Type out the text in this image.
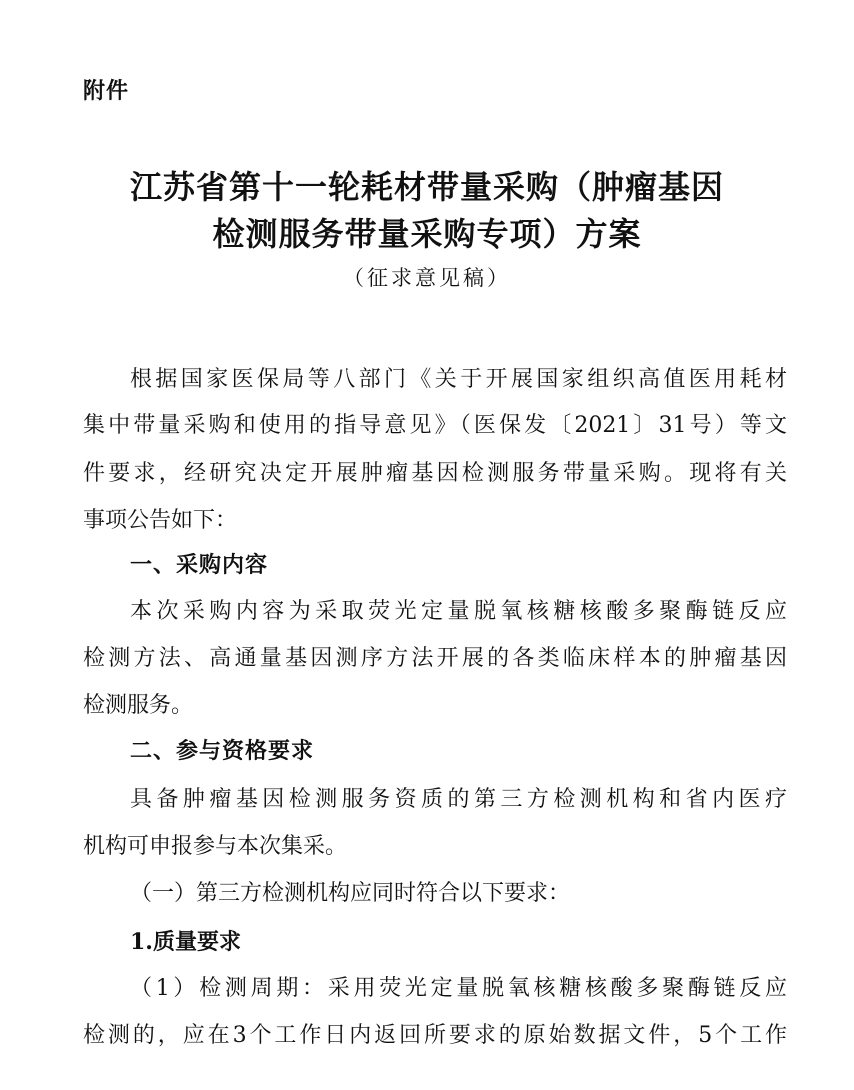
附件
江苏省第十一轮耗材带量采购（肿瘤基因
检测服务带量采购专项）方案
（征求意见稿）
根据国家医保局等八部门《关于开展国家组织高值医用耗材
集中带量采购和使用的指导意见》（医保发〔2021〕31号）等文
件要求，经研究决定开展肿瘤基因检测服务带量采购。现将有关
事项公告如下：
一、采购内容
本次采购内容为采取荧光定量脱氧核糖核酸多聚酶链反应
检测方法、高通量基因测序方法开展的各类临床样本的肿瘤基因
检测服务。
二、参与资格要求
具备肿瘤基因检测服务资质的第三方检测机构和省内医疗
机构可申报参与本次集采。
（一）第三方检测机构应同时符合以下要求：
1.质量要求
（1）检测周期：采用荧光定量脱氧核糖核酸多聚酶链反应
检测的，应在3个工作日内返回所要求的原始数据文件，5个工作
